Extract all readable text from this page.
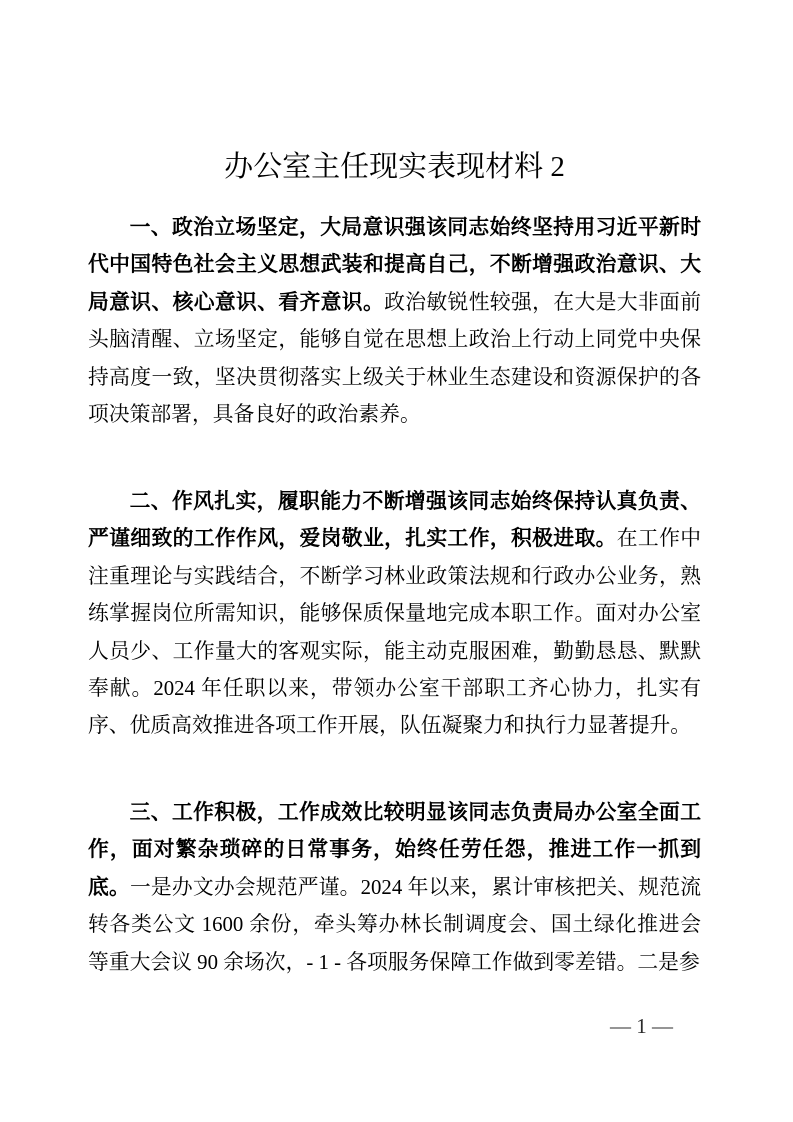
办公室主任现实表现材料 2

一、政治立场坚定，大局意识强该同志始终坚持用习近平新时代中国特色社会主义思想武装和提高自己，不断增强政治意识、大局意识、核心意识、看齐意识。政治敏锐性较强，在大是大非面前头脑清醒、立场坚定，能够自觉在思想上政治上行动上同党中央保持高度一致，坚决贯彻落实上级关于林业生态建设和资源保护的各项决策部署，具备良好的政治素养。

二、作风扎实，履职能力不断增强该同志始终保持认真负责、严谨细致的工作作风，爱岗敬业，扎实工作，积极进取。在工作中注重理论与实践结合，不断学习林业政策法规和行政办公业务，熟练掌握岗位所需知识，能够保质保量地完成本职工作。面对办公室人员少、工作量大的客观实际，能主动克服困难，勤勤恳恳、默默奉献。2024 年任职以来，带领办公室干部职工齐心协力，扎实有序、优质高效推进各项工作开展，队伍凝聚力和执行力显著提升。

三、工作积极，工作成效比较明显该同志负责局办公室全面工作，面对繁杂琐碎的日常事务，始终任劳任怨，推进工作一抓到底。一是办文办会规范严谨。2024 年以来，累计审核把关、规范流转各类公文 1600 余份，牵头筹办林长制调度会、国土绿化推进会等重大会议 90 余场次，- 1 - 各项服务保障工作做到零差错。二是参

— 1 —
